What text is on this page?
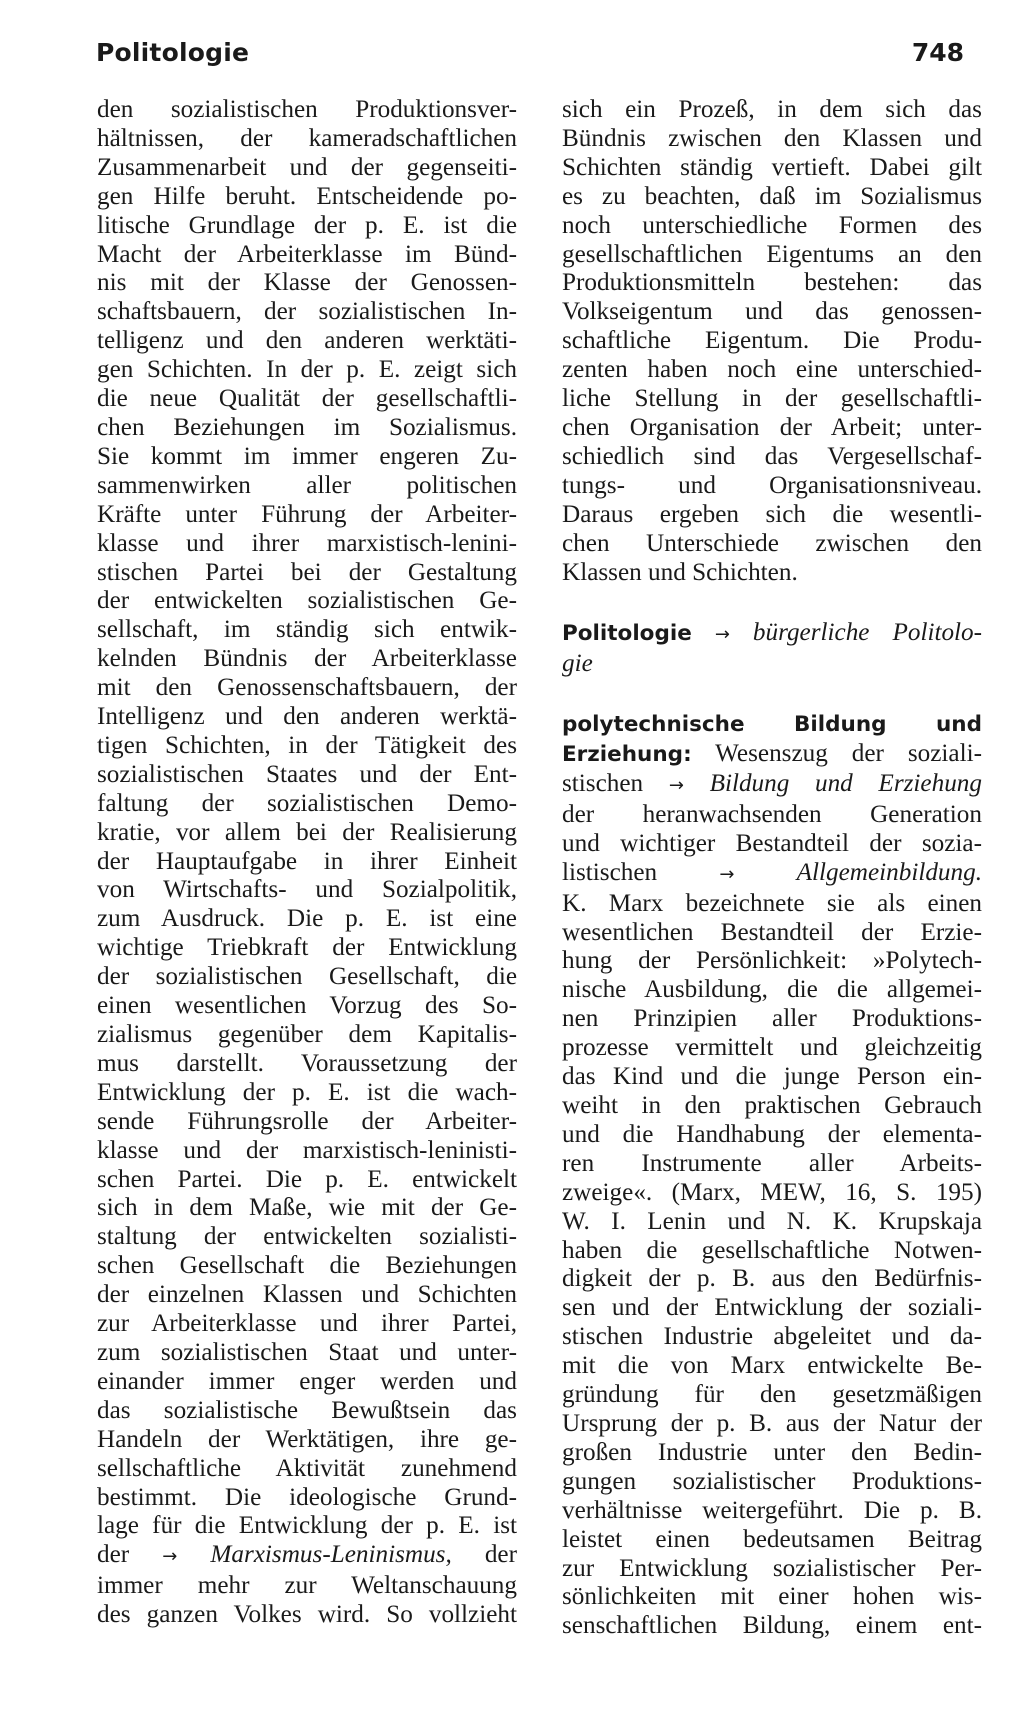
Politologie	748
den sozialistischen Produktionsver-
hältnissen, der kameradschaftlichen
Zusammenarbeit und der gegenseiti-
gen Hilfe beruht. Entscheidende po-
litische Grundlage der p. E. ist die
Macht der Arbeiterklasse im Bünd-
nis mit der Klasse der Genossen-
schaftsbauern, der sozialistischen In-
telligenz und den anderen werktäti-
gen Schichten. In der p. E. zeigt sich
die neue Qualität der gesellschaftli-
chen Beziehungen im Sozialismus.
Sie kommt im immer engeren Zu-
sammenwirken aller politischen
Kräfte unter Führung der Arbeiter-
klasse und ihrer marxistisch-lenini-
stischen Partei bei der Gestaltung
der entwickelten sozialistischen Ge-
sellschaft, im ständig sich entwik-
kelnden Bündnis der Arbeiterklasse
mit den Genossenschaftsbauern, der
Intelligenz und den anderen werktä-
tigen Schichten, in der Tätigkeit des
sozialistischen Staates und der Ent-
faltung der sozialistischen Demo-
kratie, vor allem bei der Realisierung
der Hauptaufgabe in ihrer Einheit
von Wirtschafts- und Sozialpolitik,
zum Ausdruck. Die p. E. ist eine
wichtige Triebkraft der Entwicklung
der sozialistischen Gesellschaft, die
einen wesentlichen Vorzug des So-
zialismus gegenüber dem Kapitalis-
mus darstellt. Voraussetzung der
Entwicklung der p. E. ist die wach-
sende Führungsrolle der Arbeiter-
klasse und der marxistisch-leninisti-
schen Partei. Die p. E. entwickelt
sich in dem Maße, wie mit der Ge-
staltung der entwickelten sozialisti-
schen Gesellschaft die Beziehungen
der einzelnen Klassen und Schichten
zur Arbeiterklasse und ihrer Partei,
zum sozialistischen Staat und unter-
einander immer enger werden und
das sozialistische Bewußtsein das
Handeln der Werktätigen, ihre ge-
sellschaftliche Aktivität zunehmend
bestimmt. Die ideologische Grund-
lage für die Entwicklung der p. E. ist
der → Marxismus-Leninismus, der
immer mehr zur Weltanschauung
des ganzen Volkes wird. So vollzieht
sich ein Prozeß, in dem sich das
Bündnis zwischen den Klassen und
Schichten ständig vertieft. Dabei gilt
es zu beachten, daß im Sozialismus
noch unterschiedliche Formen des
gesellschaftlichen Eigentums an den
Produktionsmitteln bestehen: das
Volkseigentum und das genossen-
schaftliche Eigentum. Die Produ-
zenten haben noch eine unterschied-
liche Stellung in der gesellschaftli-
chen Organisation der Arbeit; unter-
schiedlich sind das Vergesellschaf-
tungs- und Organisationsniveau.
Daraus ergeben sich die wesentli-
chen Unterschiede zwischen den
Klassen und Schichten.
Politologie → bürgerliche Politolo-
gie
polytechnische Bildung und
Erziehung: Wesenszug der soziali-
stischen → Bildung und Erziehung
der heranwachsenden Generation
und wichtiger Bestandteil der sozia-
listischen	→ Allgemeinbildung.
K. Marx bezeichnete sie als einen
wesentlichen Bestandteil der Erzie-
hung der Persönlichkeit: »Polytech-
nische Ausbildung, die die allgemei-
nen Prinzipien aller Produktions-
prozesse vermittelt und gleichzeitig
das Kind und die junge Person ein-
weiht in den praktischen Gebrauch
und die Handhabung der elementa-
ren Instrumente aller Arbeits-
zweige«. (Marx, MEW, 16, S. 195)
W. I. Lenin und N. K. Krupskaja
haben die gesellschaftliche Notwen-
digkeit der p. B. aus den Bedürfnis-
sen und der Entwicklung der soziali-
stischen Industrie abgeleitet und da-
mit die von Marx entwickelte Be-
gründung für den gesetzmäßigen
Ursprung der p. B. aus der Natur der
großen Industrie unter den Bedin-
gungen sozialistischer Produktions-
verhältnisse weitergeführt. Die p. B.
leistet einen bedeutsamen Beitrag
zur Entwicklung sozialistischer Per-
sönlichkeiten mit einer hohen wis-
senschaftlichen Bildung, einem ent-
